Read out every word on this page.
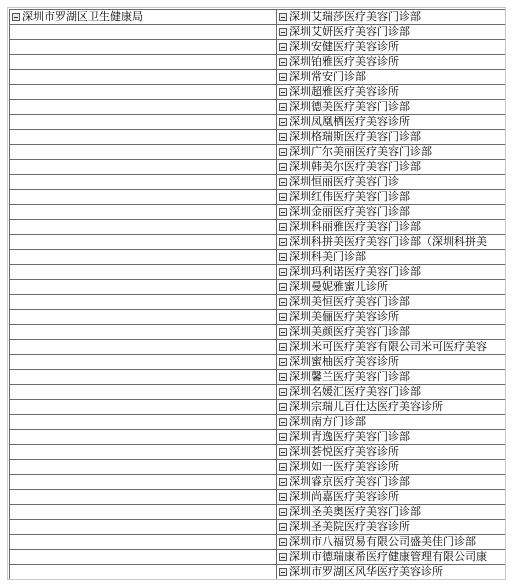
深圳市罗湖区卫生健康局	深圳艾瑞莎医疗美容门诊部

	深圳艾妍医疗美容门诊部

	深圳安健医疗美容诊所

	深圳铂雅医疗美容诊所

	深圳常安门诊部

	深圳超雅医疗美容诊所

	深圳德美医疗美容门诊部

	深圳凤凰栖医疗美容诊所

	深圳格瑞斯医疗美容门诊部

	深圳广尔美丽医疗美容门诊部

	深圳韩美尔医疗美容门诊部

	深圳恒丽医疗美容门诊

	深圳红伟医疗美容门诊部

	深圳金丽医疗美容门诊部

	深圳科丽雅医疗美容门诊部

	深圳科拼美医疗美容门诊部（深圳科拼美

	深圳科美门诊部

	深圳玛利诺医疗美容门诊部

	深圳曼妮雅蜜儿诊所

	深圳美恒医疗美容门诊部

	深圳美俪医疗美容诊所

	深圳美颜医疗美容门诊部

	深圳米可医疗美容有限公司米可医疗美容

	深圳蜜柚医疗美容诊所

	深圳馨兰医疗美容门诊部

	深圳名媛汇医疗美容门诊部

	深圳宗瑞儿百仕达医疗美容诊所

	深圳南方门诊部

	深圳青逸医疗美容门诊部

	深圳荟悦医疗美容诊所

	深圳如一医疗美容诊所

	深圳睿京医疗美容门诊部

	深圳尚嘉医疗美容诊所

	深圳圣美奥医疗美容门诊部

	深圳圣美院医疗美容诊所

	深圳市八福贸易有限公司盛美佳门诊部

	深圳市德瑞康希医疗健康管理有限公司康

	深圳市罗湖区风华医疗美容诊所
